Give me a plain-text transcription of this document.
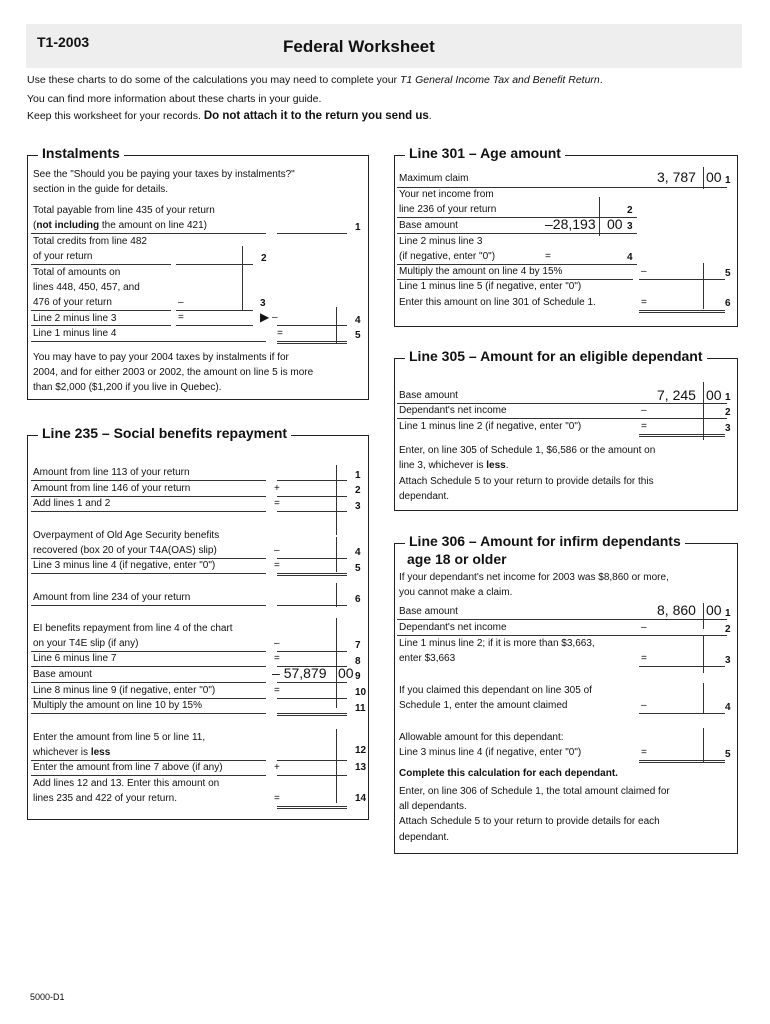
T1-2003	Federal Worksheet
Use these charts to do some of the calculations you may need to complete your T1 General Income Tax and Benefit Return.
You can find more information about these charts in your guide.
Keep this worksheet for your records. Do not attach it to the return you send us.
Instalments
See the "Should you be paying your taxes by instalments?"
section in the guide for details.
Total payable from line 435 of your return
(not including the amount on line 421)	1
Total credits from line 482
of your return	2
Total of amounts on
lines 448, 450, 457, and
476 of your return	–	3
Line 2 minus line 3	=	▶ –	4
Line 1 minus line 4	=	5
You may have to pay your 2004 taxes by instalments if for
2004, and for either 2003 or 2002, the amount on line 5 is more
than $2,000 ($1,200 if you live in Quebec).
Line 235 – Social benefits repayment
Amount from line 113 of your return	1
Amount from line 146 of your return	+	2
Add lines 1 and 2	=	3
Overpayment of Old Age Security benefits
recovered (box 20 of your T4A(OAS) slip)	–	4
Line 3 minus line 4 (if negative, enter "0")	=	5
Amount from line 234 of your return	6
EI benefits repayment from line 4 of the chart
on your T4E slip (if any)	–	7
Line 6 minus line 7	=	8
Base amount	– 57,879 00 9
Line 8 minus line 9 (if negative, enter "0")	=	10
Multiply the amount on line 10 by 15%	11
Enter the amount from line 5 or line 11,
whichever is less	12
Enter the amount from line 7 above (if any)	+	13
Add lines 12 and 13. Enter this amount on
lines 235 and 422 of your return.	=	14
Line 301 – Age amount
Maximum claim	3, 787 00 1
Your net income from
line 236 of your return	2
Base amount	–28,193 00 3
Line 2 minus line 3
(if negative, enter "0")	=	4
Multiply the amount on line 4 by 15%	–	5
Line 1 minus line 5 (if negative, enter "0")
Enter this amount on line 301 of Schedule 1.	=	6
Line 305 – Amount for an eligible dependant
Base amount	7, 245 00 1
Dependant's net income	–	2
Line 1 minus line 2 (if negative, enter "0")	=	3
Enter, on line 305 of Schedule 1, $6,586 or the amount on
line 3, whichever is less.
Attach Schedule 5 to your return to provide details for this
dependant.
Line 306 – Amount for infirm dependants
age 18 or older
If your dependant's net income for 2003 was $8,860 or more,
you cannot make a claim.
Base amount	8, 860 00 1
Dependant's net income	–	2
Line 1 minus line 2; if it is more than $3,663,
enter $3,663	=	3
If you claimed this dependant on line 305 of
Schedule 1, enter the amount claimed	–	4
Allowable amount for this dependant:
Line 3 minus line 4 (if negative, enter "0")	=	5
Complete this calculation for each dependant.
Enter, on line 306 of Schedule 1, the total amount claimed for
all dependants.
Attach Schedule 5 to your return to provide details for each
dependant.
5000-D1
